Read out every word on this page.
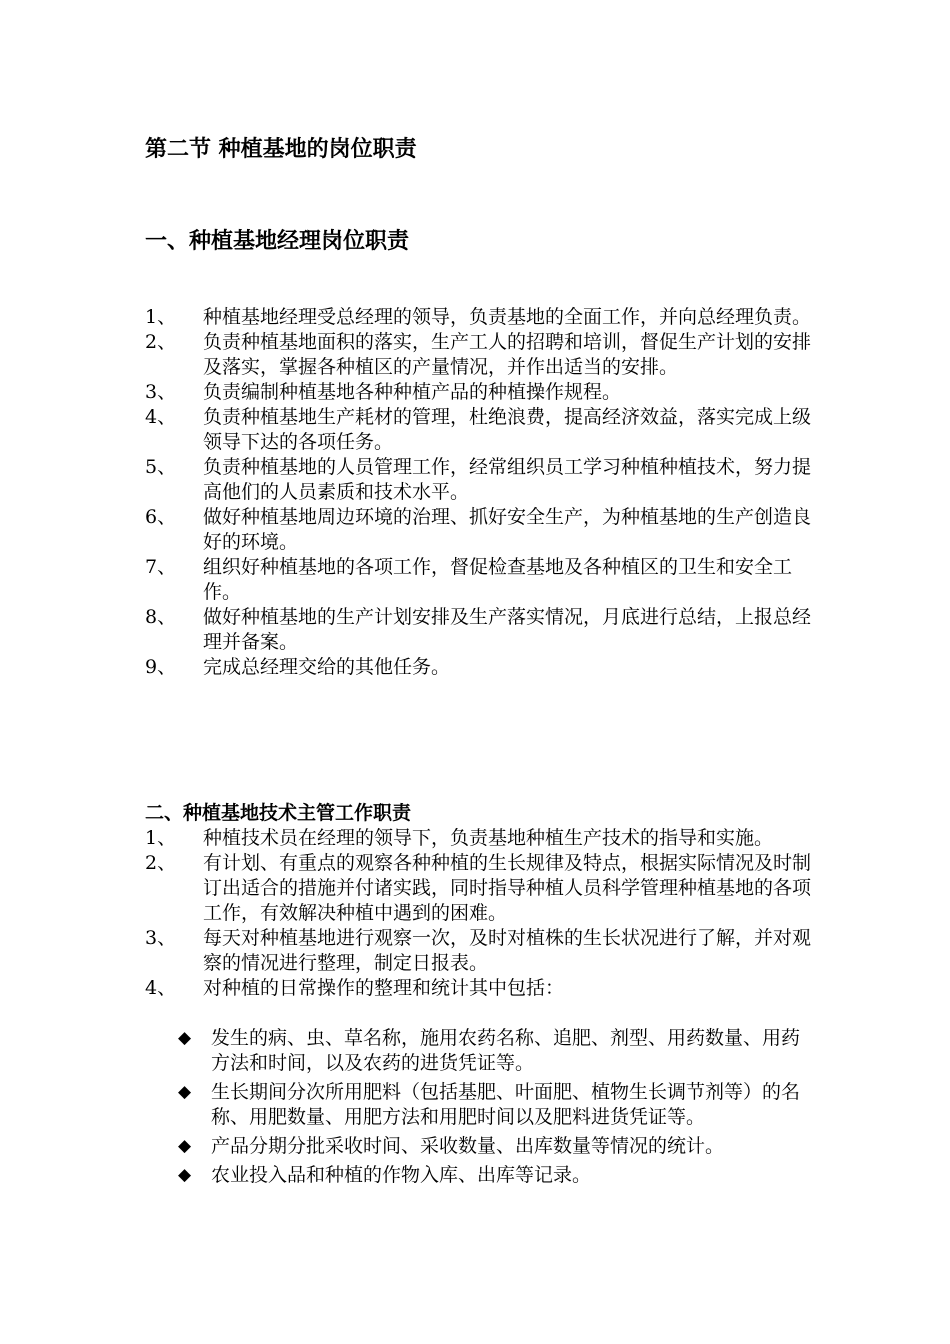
第二节 种植基地的岗位职责
一、种植基地经理岗位职责
1、	种植基地经理受总经理的领导，负责基地的全面工作，并向总经理负责。
2、	负责种植基地面积的落实，生产工人的招聘和培训，督促生产计划的安排及落实，掌握各种植区的产量情况，并作出适当的安排。
3、	负责编制种植基地各种种植产品的种植操作规程。
4、	负责种植基地生产耗材的管理，杜绝浪费，提高经济效益，落实完成上级领导下达的各项任务。
5、	负责种植基地的人员管理工作，经常组织员工学习种植种植技术，努力提高他们的人员素质和技术水平。
6、	做好种植基地周边环境的治理、抓好安全生产，为种植基地的生产创造良好的环境。
7、	组织好种植基地的各项工作，督促检查基地及各种植区的卫生和安全工作。
8、	做好种植基地的生产计划安排及生产落实情况，月底进行总结，上报总经理并备案。
9、	完成总经理交给的其他任务。
二、种植基地技术主管工作职责
1、	种植技术员在经理的领导下，负责基地种植生产技术的指导和实施。
2、	有计划、有重点的观察各种种植的生长规律及特点，根据实际情况及时制订出适合的措施并付诸实践，同时指导种植人员科学管理种植基地的各项工作，有效解决种植中遇到的困难。
3、	每天对种植基地进行观察一次，及时对植株的生长状况进行了解，并对观察的情况进行整理，制定日报表。
4、	对种植的日常操作的整理和统计其中包括：
◆	发生的病、虫、草名称，施用农药名称、追肥、剂型、用药数量、用药方法和时间，以及农药的进货凭证等。
◆	生长期间分次所用肥料（包括基肥、叶面肥、植物生长调节剂等）的名称、用肥数量、用肥方法和用肥时间以及肥料进货凭证等。
◆	产品分期分批采收时间、采收数量、出库数量等情况的统计。
◆	农业投入品和种植的作物入库、出库等记录。
